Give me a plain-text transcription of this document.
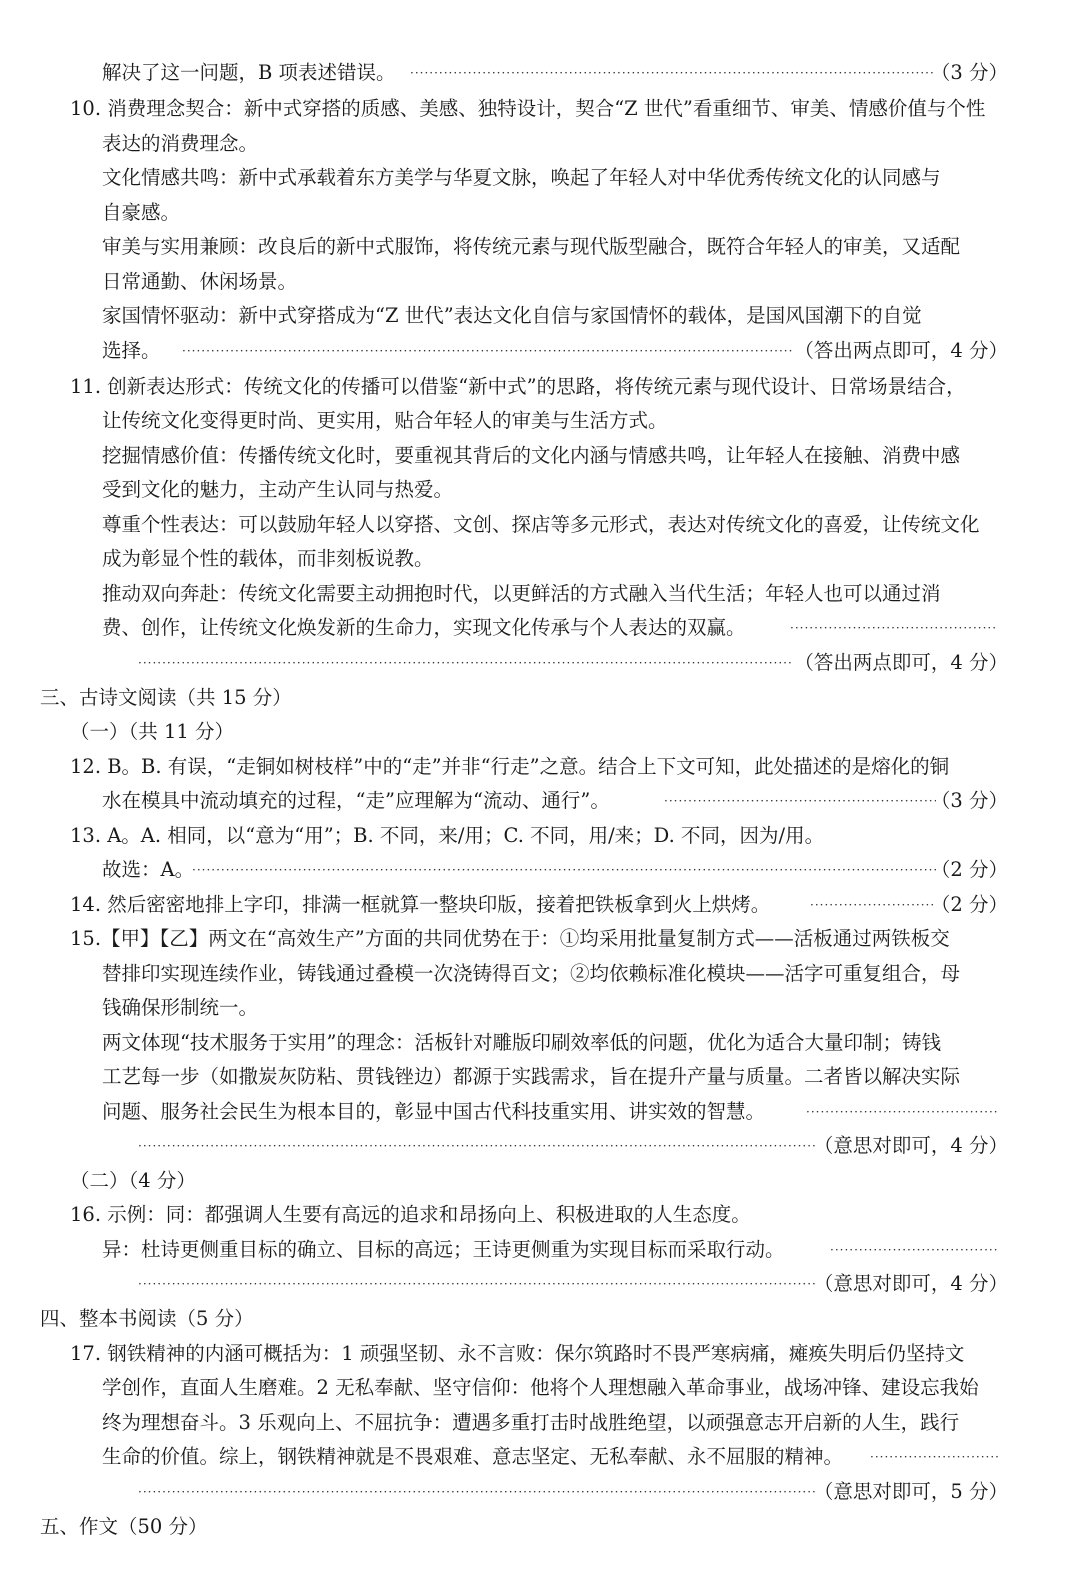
解决了这一问题，B 项表述错误。 ·····	（3 分）
10. 消费理念契合：新中式穿搭的质感、美感、独特设计，契合“Z 世代”看重细节、审美、情感价值与个性
表达的消费理念。
文化情感共鸣：新中式承载着东方美学与华夏文脉，唤起了年轻人对中华优秀传统文化的认同感与
自豪感。
审美与实用兼顾：改良后的新中式服饰，将传统元素与现代版型融合，既符合年轻人的审美，又适配
日常通勤、休闲场景。
家国情怀驱动：新中式穿搭成为“Z 世代”表达文化自信与家国情怀的载体，是国风国潮下的自觉
选择。 ·····	（答出两点即可，4 分）
11. 创新表达形式：传统文化的传播可以借鉴“新中式”的思路，将传统元素与现代设计、日常场景结合，
让传统文化变得更时尚、更实用，贴合年轻人的审美与生活方式。
挖掘情感价值：传播传统文化时，要重视其背后的文化内涵与情感共鸣，让年轻人在接触、消费中感
受到文化的魅力，主动产生认同与热爱。
尊重个性表达：可以鼓励年轻人以穿搭、文创、探店等多元形式，表达对传统文化的喜爱，让传统文化
成为彰显个性的载体，而非刻板说教。
推动双向奔赴：传统文化需要主动拥抱时代，以更鲜活的方式融入当代生活；年轻人也可以通过消
费、创作，让传统文化焕发新的生命力，实现文化传承与个人表达的双赢。
·····
·····
（答出两点即可，4 分）
三、古诗文阅读（共 15 分）
（一）（共 11 分）
12. B。B. 有误，“走铜如树枝样”中的“走”并非“行走”之意。结合上下文可知，此处描述的是熔化的铜
水在模具中流动填充的过程，“走”应理解为“流动、通行”。 ·····	（3 分）
13. A。A. 相同，以“意为“用”；B. 不同，来/用；C. 不同，用/来；D. 不同，因为/用。
故选：A。 ·····	（2 分）
14. 然后密密地排上字印，排满一框就算一整块印版，接着把铁板拿到火上烘烤。 ·····	（2 分）
15.【甲】【乙】两文在“高效生产”方面的共同优势在于：①均采用批量复制方式——活板通过两铁板交
替排印实现连续作业，铸钱通过叠模一次浇铸得百文；②均依赖标准化模块——活字可重复组合，母
钱确保形制统一。
两文体现“技术服务于实用”的理念：活板针对雕版印刷效率低的问题，优化为适合大量印制；铸钱
工艺每一步（如撒炭灰防粘、贯钱锉边）都源于实践需求，旨在提升产量与质量。二者皆以解决实际
问题、服务社会民生为根本目的，彰显中国古代科技重实用、讲实效的智慧。
·····
·····
（意思对即可，4 分）
（二）（4 分）
16. 示例：同：都强调人生要有高远的追求和昂扬向上、积极进取的人生态度。
异：杜诗更侧重目标的确立、目标的高远；王诗更侧重为实现目标而采取行动。
·····
·····
（意思对即可，4 分）
四、整本书阅读（5 分）
17. 钢铁精神的内涵可概括为：1 顽强坚韧、永不言败：保尔筑路时不畏严寒病痛，瘫痪失明后仍坚持文
学创作，直面人生磨难。2 无私奉献、坚守信仰：他将个人理想融入革命事业，战场冲锋、建设忘我始
终为理想奋斗。3 乐观向上、不屈抗争：遭遇多重打击时战胜绝望，以顽强意志开启新的人生，践行
生命的价值。综上，钢铁精神就是不畏艰难、意志坚定、无私奉献、永不屈服的精神。
·····
·····
（意思对即可，5 分）
五、作文（50 分）
